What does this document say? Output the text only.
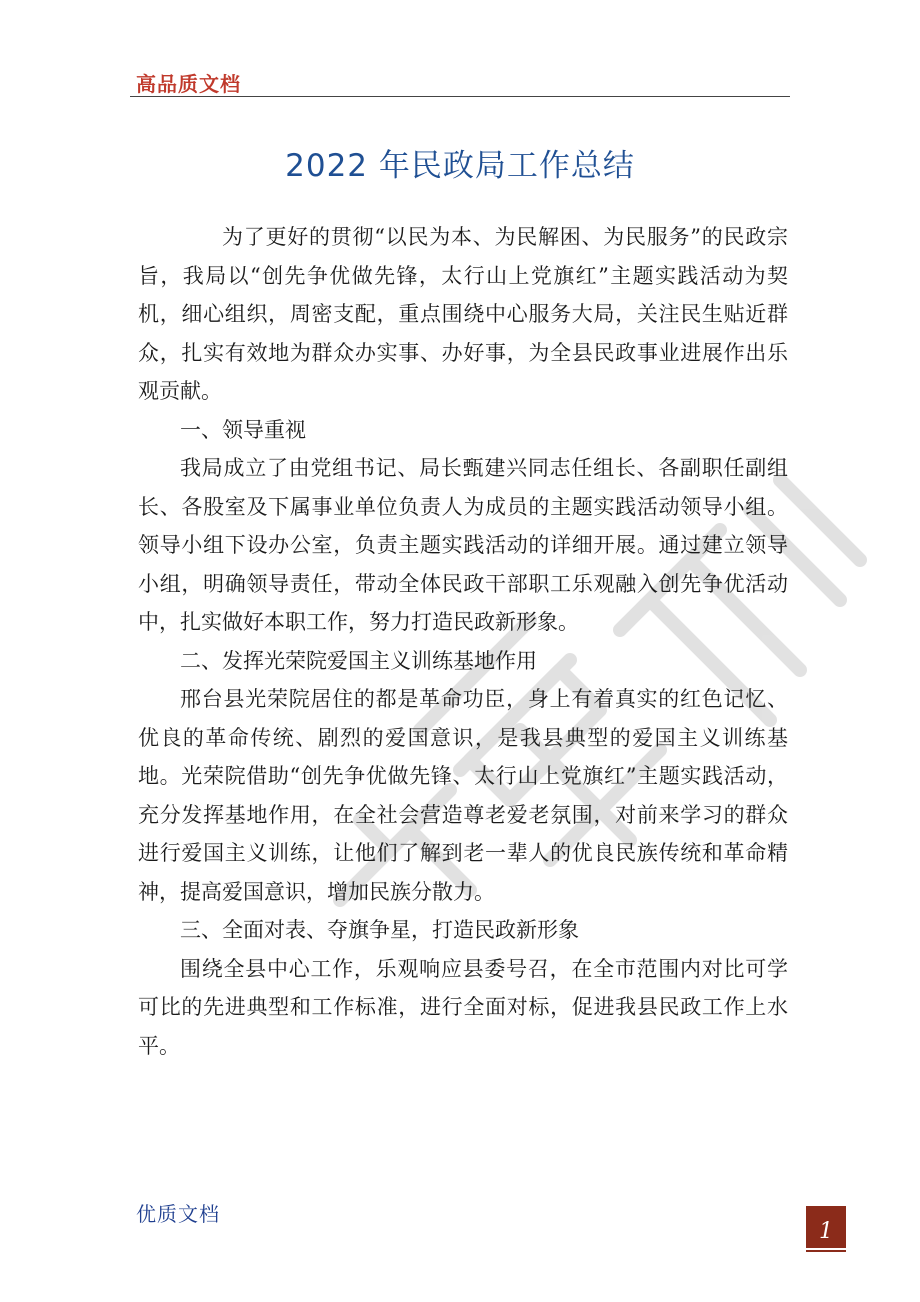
高品质文档
2022 年民政局工作总结

为了更好的贯彻“以民为本、为民解困、为民服务”的民政宗旨，我局以“创先争优做先锋，太行山上党旗红”主题实践活动为契机，细心组织，周密支配，重点围绕中心服务大局，关注民生贴近群众，扎实有效地为群众办实事、办好事，为全县民政事业进展作出乐观贡献。

一、领导重视

我局成立了由党组书记、局长甄建兴同志任组长、各副职任副组长、各股室及下属事业单位负责人为成员的主题实践活动领导小组。领导小组下设办公室，负责主题实践活动的详细开展。通过建立领导小组，明确领导责任，带动全体民政干部职工乐观融入创先争优活动中，扎实做好本职工作，努力打造民政新形象。

二、发挥光荣院爱国主义训练基地作用

邢台县光荣院居住的都是革命功臣，身上有着真实的红色记忆、优良的革命传统、剧烈的爱国意识，是我县典型的爱国主义训练基地。光荣院借助“创先争优做先锋、太行山上党旗红”主题实践活动，充分发挥基地作用，在全社会营造尊老爱老氛围，对前来学习的群众进行爱国主义训练，让他们了解到老一辈人的优良民族传统和革命精神，提高爱国意识，增加民族分散力。

三、全面对表、夺旗争星，打造民政新形象

围绕全县中心工作，乐观响应县委号召，在全市范围内对比可学可比的先进典型和工作标准，进行全面对标，促进我县民政工作上水平。

优质文档
1
